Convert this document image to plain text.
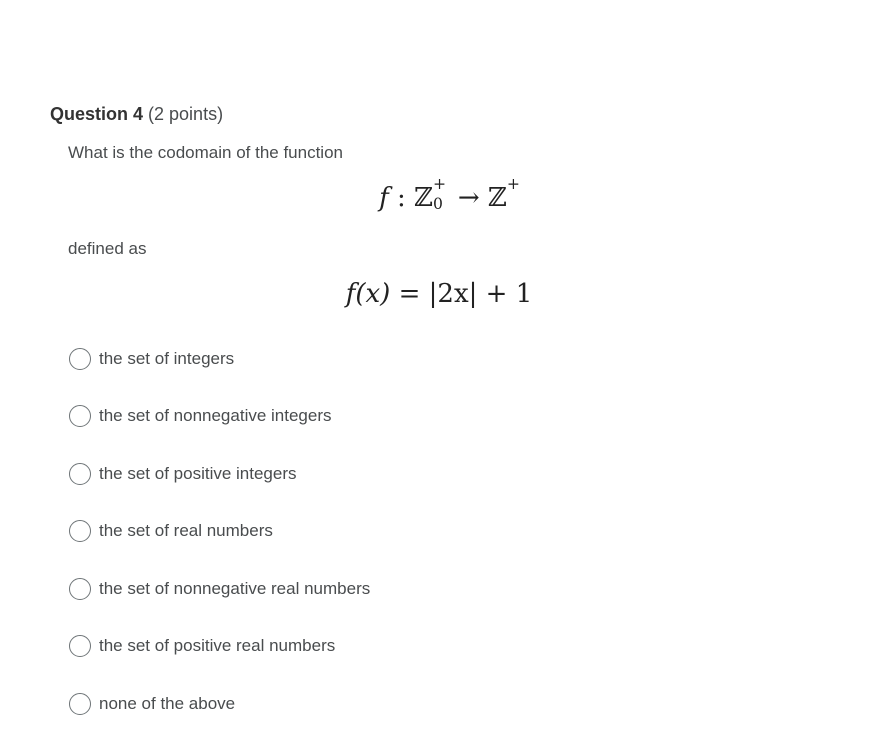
Question 4 (2 points)
What is the codomain of the function
f : ℤ +
0 → ℤ +
defined as
f(x) = |2x| + 1
the set of integers
the set of nonnegative integers
the set of positive integers
the set of real numbers
the set of nonnegative real numbers
the set of positive real numbers
none of the above
